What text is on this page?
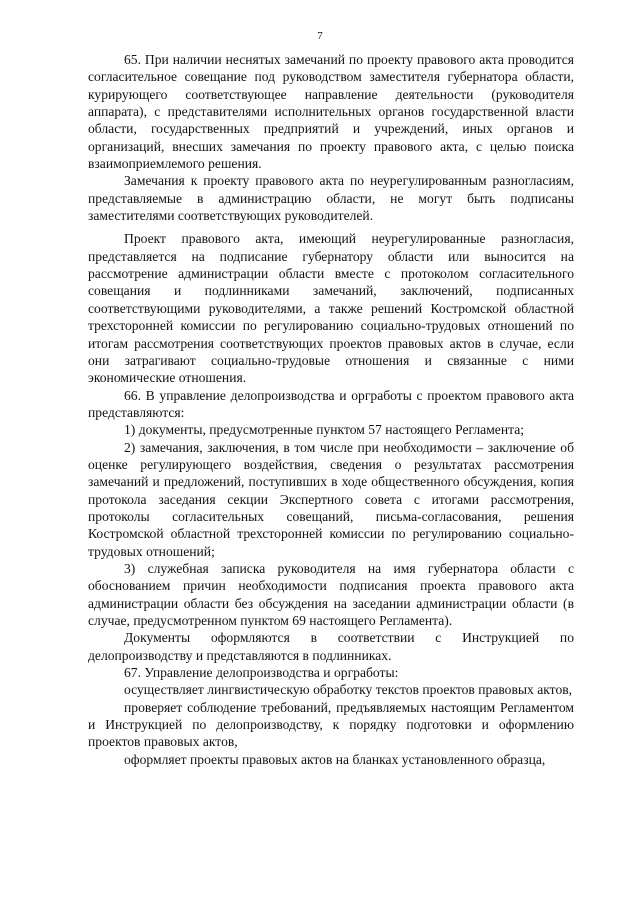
7

65. При наличии неснятых замечаний по проекту правового акта проводится согласительное совещание под руководством заместителя губернатора области, курирующего соответствующее направление деятельности (руководителя аппарата), с представителями исполнительных органов государственной власти области, государственных предприятий и учреждений, иных органов и организаций, внесших замечания по проекту правового акта, с целью поиска взаимоприемлемого решения.

Замечания к проекту правового акта по неурегулированным разногласиям, представляемые в администрацию области, не могут быть подписаны заместителями соответствующих руководителей.

Проект правового акта, имеющий неурегулированные разногласия, представляется на подписание губернатору области или выносится на рассмотрение администрации области вместе с протоколом согласительного совещания и подлинниками замечаний, заключений, подписанных соответствующими руководителями, а также решений Костромской областной трехсторонней комиссии по регулированию социально-трудовых отношений по итогам рассмотрения соответствующих проектов правовых актов в случае, если они затрагивают социально-трудовые отношения и связанные с ними экономические отношения.

66. В управление делопроизводства и оргработы с проектом правового акта представляются:

1) документы, предусмотренные пунктом 57 настоящего Регламента;

2) замечания, заключения, в том числе при необходимости – заключение об оценке регулирующего воздействия, сведения о результатах рассмотрения замечаний и предложений, поступивших в ходе общественного обсуждения, копия протокола заседания секции Экспертного совета с итогами рассмотрения, протоколы согласительных совещаний, письма-согласования, решения Костромской областной трехсторонней комиссии по регулированию социально-трудовых отношений;

3) служебная записка руководителя на имя губернатора области с обоснованием причин необходимости подписания проекта правового акта администрации области без обсуждения на заседании администрации области (в случае, предусмотренном пунктом 69 настоящего Регламента).

Документы оформляются в соответствии с Инструкцией по делопроизводству и представляются в подлинниках.

67. Управление делопроизводства и оргработы:

осуществляет лингвистическую обработку текстов проектов правовых актов,

проверяет соблюдение требований, предъявляемых настоящим Регламентом и Инструкцией по делопроизводству, к порядку подготовки и оформлению проектов правовых актов,

оформляет проекты правовых актов на бланках установленного образца,
